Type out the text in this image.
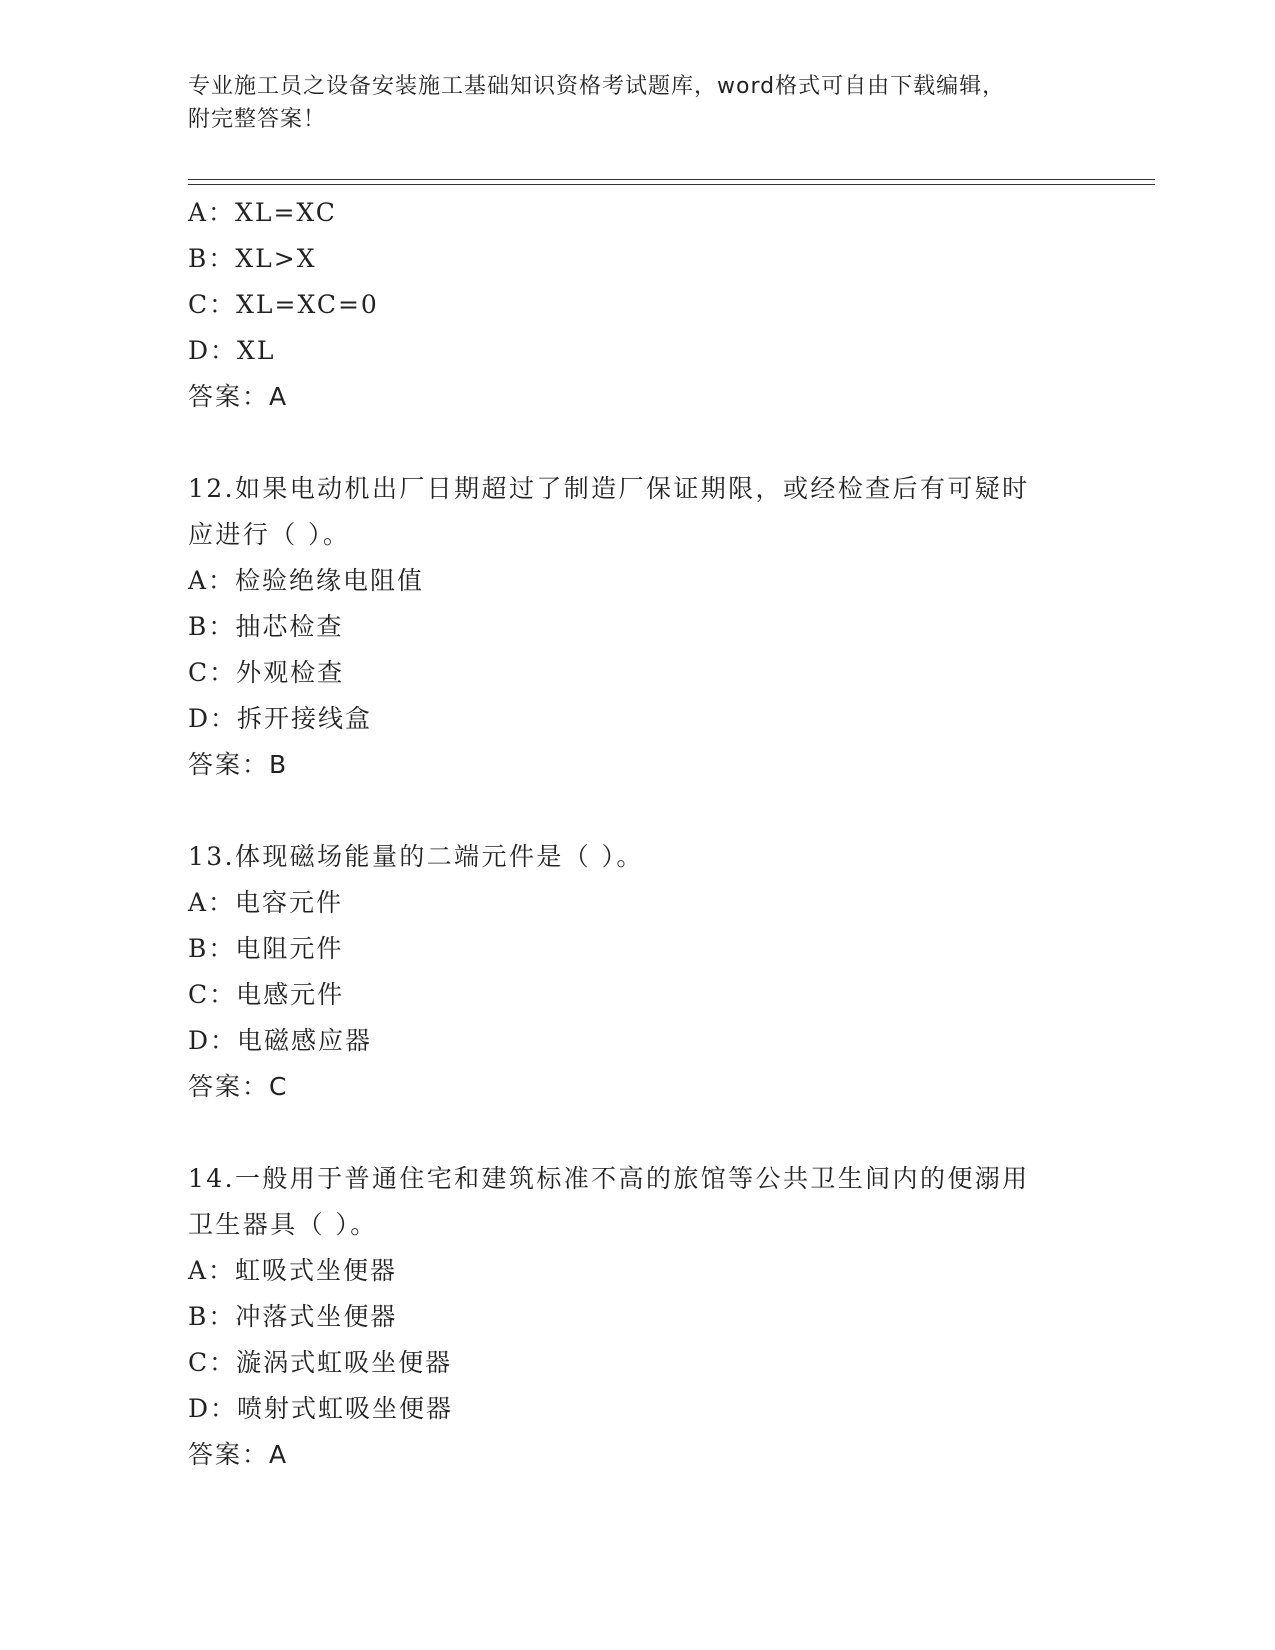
专业施工员之设备安装施工基础知识资格考试题库，word格式可自由下载编辑，
附完整答案！
A：XL=XC
B：XL>X
C：XL=XC=0
D：XL
答案：A
12.如果电动机出厂日期超过了制造厂保证期限，或经检查后有可疑时
应进行（ ）。
A：检验绝缘电阻值
B：抽芯检查
C：外观检查
D：拆开接线盒
答案：B
13.体现磁场能量的二端元件是（ ）。
A：电容元件
B：电阻元件
C：电感元件
D：电磁感应器
答案：C
14.一般用于普通住宅和建筑标准不高的旅馆等公共卫生间内的便溺用
卫生器具（ ）。
A：虹吸式坐便器
B：冲落式坐便器
C：漩涡式虹吸坐便器
D：喷射式虹吸坐便器
答案：A
